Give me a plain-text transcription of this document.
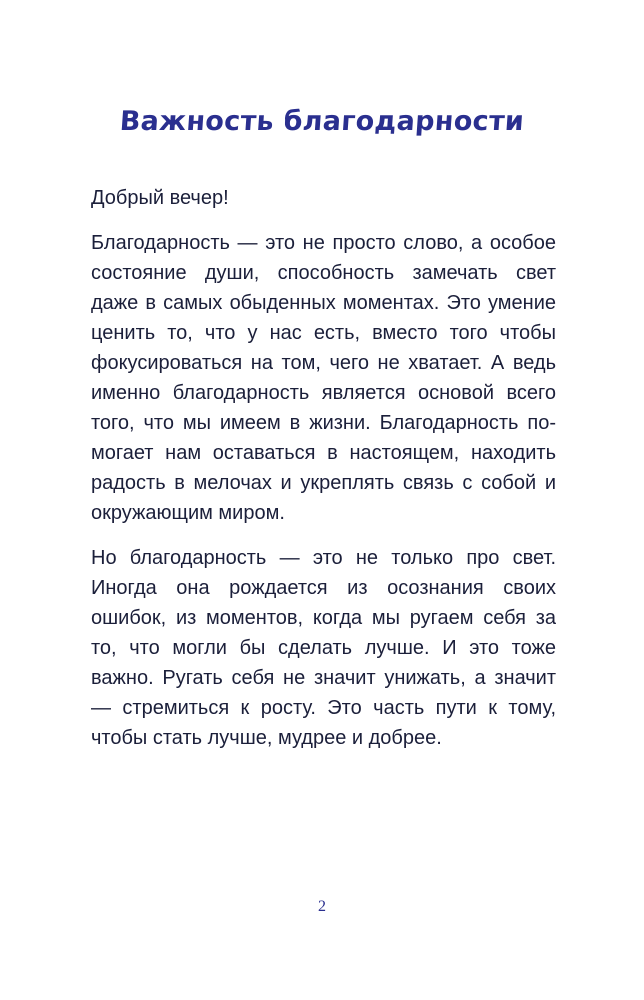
Важность благодарности

Добрый вечер!

Благодарность — это не просто слово, а особое состояние души, способность замечать свет даже в самых обыденных моментах. Это умение ценить то, что у нас есть, вместо того чтобы фокусироваться на том, чего не хватает. А ведь именно благодарность является основой всего того, что мы имеем в жизни. Благодарность помогает нам оставаться в настоящем, находить радость в мелочах и укреплять связь с собой и окружающим миром.

Но благодарность — это не только про свет. Иногда она рождается из осознания своих ошибок, из моментов, когда мы ругаем себя за то, что могли бы сделать лучше. И это тоже важно. Ругать себя не значит унижать, а значит — стремиться к росту. Это часть пути к тому, чтобы стать лучше, мудрее и добрее.

2
